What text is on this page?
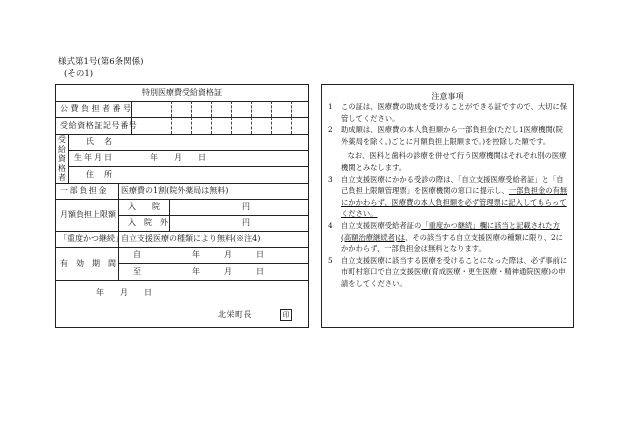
様式第1号(第6条関係)
(その1)
特別医療費受給資格証
公費負担者番号
受給資格証記号番号
受給資格者
氏名
生年月日	年　　月　　日
住所
一部負担金 医療費の1割(院外薬局は無料)
月額負担上限額
入　　院	円
入　院　外	円
「重度かつ継続」
自立支援医療の種類により無料(※注4)
有効期間
自	年　　　月　　　日
至	年　　　月　　　日
年　　月　　日
北栄町長	印
注意事項

1 この証は、医療費の助成を受けることができる証ですので、大切に保管してください。

2 助成額は、医療費の本人負担額から一部負担金(ただし1医療機関(院外薬局を除く。)ごとに月額負担上限額まで。)を控除した額です。

なお、医科と歯科の診療を併せて行う医療機関はそれぞれ別の医療機関とみなします。

3 自立支援医療にかかる受診の際は、「自立支援医療受給者証」と「自己負担上限額管理票」を医療機関の窓口に提示し、一部負担金の有無にかかわらず、医療費の本人負担額を必ず管理票に記入してもらってください。

4 自立支援医療受給者証の「重度かつ継続」欄に該当と記載された方(高額治療継続者)は、その該当する自立支援医療の種類に限り、2にかかわらず、一部負担金は無料となります。

5 自立支援医療に該当する医療を受けることになった際は、必ず事前に市町村窓口で自立支援医療(育成医療・更生医療・精神通院医療)の申請をしてください。
